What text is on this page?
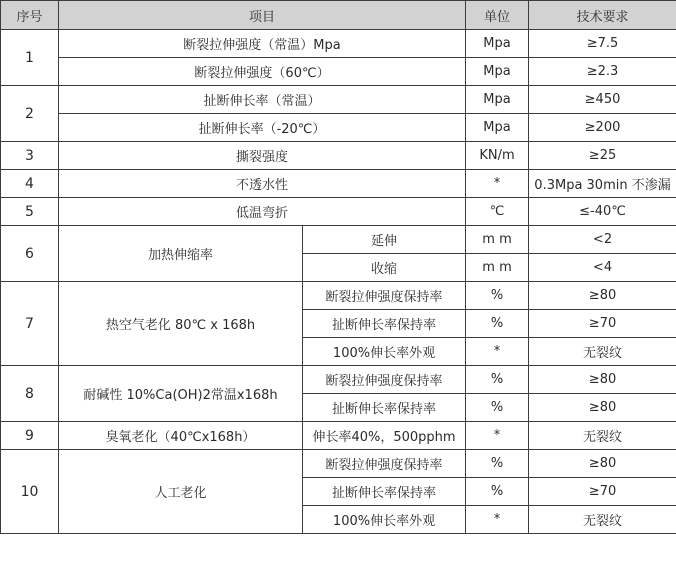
序号	项目		单位	技术要求
1	断裂拉伸强度（常温）Mpa		Mpa	≥7.5
	断裂拉伸强度（60℃）		Mpa	≥2.3
2	扯断伸长率（常温）		Mpa	≥450
	扯断伸长率（-20℃）		Mpa	≥200
3	撕裂强度		KN/m	≥25
4	不透水性		*	0.3Mpa 30min 不渗漏
5	低温弯折		℃	≤-40℃
6	加热伸缩率	延伸	m m	<2
		收缩	m m	<4
7	热空气老化 80℃ x 168h	断裂拉伸强度保持率	%	≥80
		扯断伸长率保持率	%	≥70
		100%伸长率外观	*	无裂纹
8	耐碱性 10%Ca(OH)2常温x168h	断裂拉伸强度保持率	%	≥80
		扯断伸长率保持率	%	≥80
9	臭氧老化（40℃x168h）	伸长率40%，500pphm	*	无裂纹
10	人工老化	断裂拉伸强度保持率	%	≥80
		扯断伸长率保持率	%	≥70
		100%伸长率外观	*	无裂纹
